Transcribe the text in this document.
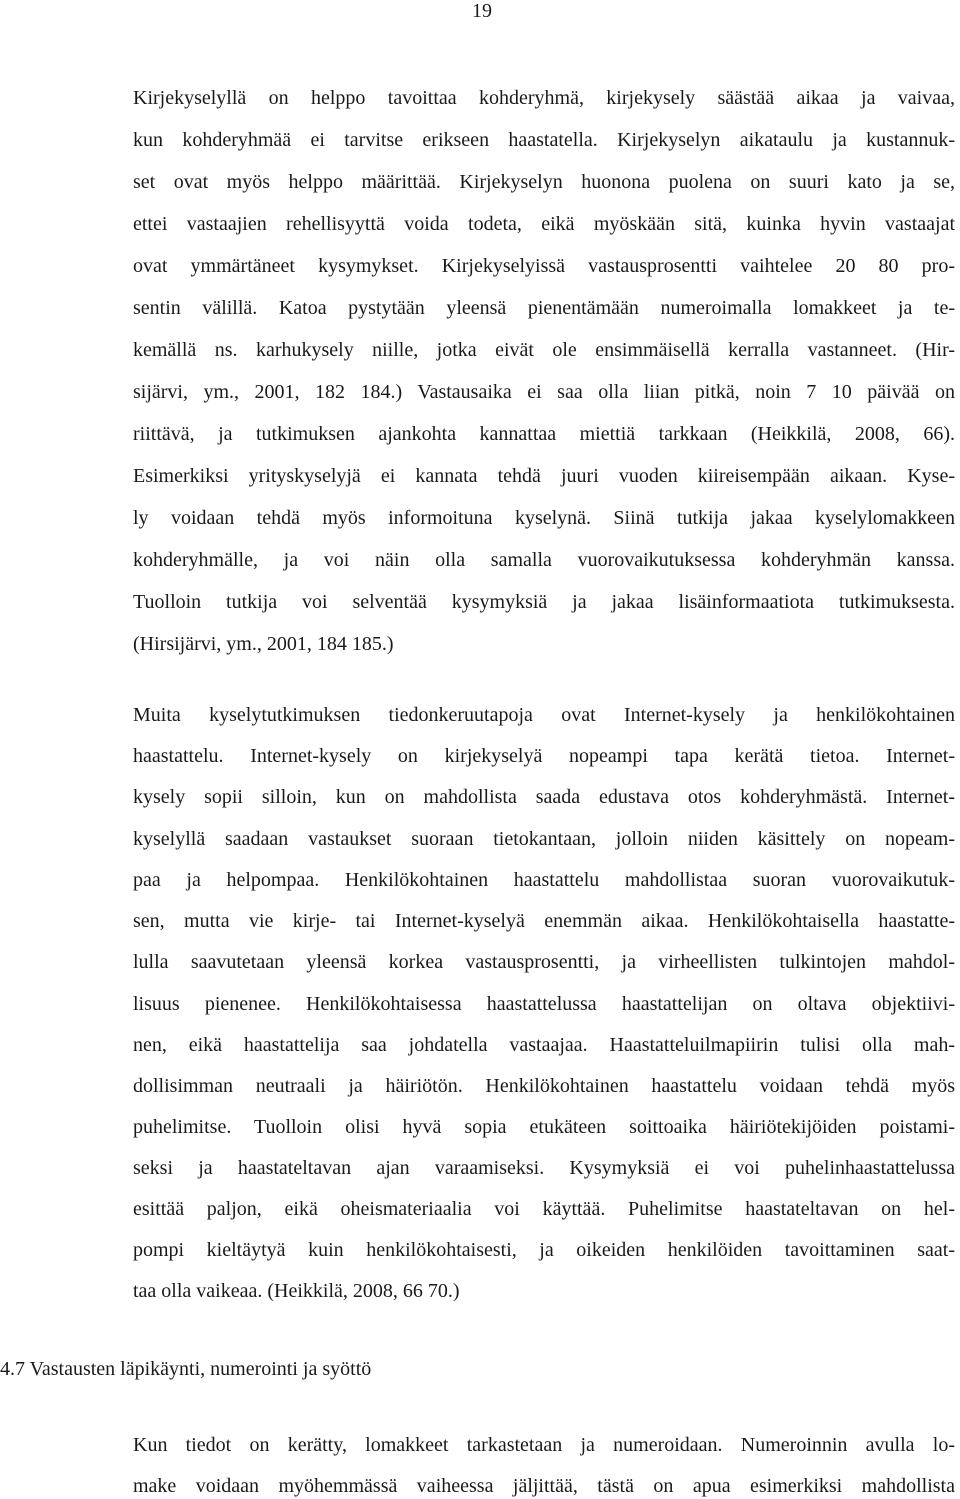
19
Kirjekyselyllä on helppo tavoittaa kohderyhmä, kirjekysely säästää aikaa ja vaivaa,
kun kohderyhmää ei tarvitse erikseen haastatella. Kirjekyselyn aikataulu ja kustannuk-
set ovat myös helppo määrittää. Kirjekyselyn huonona puolena on suuri kato ja se,
ettei vastaajien rehellisyyttä voida todeta, eikä myöskään sitä, kuinka hyvin vastaajat
ovat ymmärtäneet kysymykset. Kirjekyselyissä vastausprosentti vaihtelee 20 80 pro-
sentin välillä. Katoa pystytään yleensä pienentämään numeroimalla lomakkeet ja te-
kemällä ns. karhukysely niille, jotka eivät ole ensimmäisellä kerralla vastanneet. (Hir-
sijärvi, ym., 2001, 182 184.) Vastausaika ei saa olla liian pitkä, noin 7 10 päivää on
riittävä, ja tutkimuksen ajankohta kannattaa miettiä tarkkaan (Heikkilä, 2008, 66).
Esimerkiksi yrityskyselyjä ei kannata tehdä juuri vuoden kiireisempään aikaan. Kyse-
ly voidaan tehdä myös informoituna kyselynä. Siinä tutkija jakaa kyselylomakkeen
kohderyhmälle, ja voi näin olla samalla vuorovaikutuksessa kohderyhmän kanssa.
Tuolloin tutkija voi selventää kysymyksiä ja jakaa lisäinformaatiota tutkimuksesta.
(Hirsijärvi, ym., 2001, 184 185.)
Muita kyselytutkimuksen tiedonkeruutapoja ovat Internet-kysely ja henkilökohtainen
haastattelu. Internet-kysely on kirjekyselyä nopeampi tapa kerätä tietoa. Internet-
kysely sopii silloin, kun on mahdollista saada edustava otos kohderyhmästä. Internet-
kyselyllä saadaan vastaukset suoraan tietokantaan, jolloin niiden käsittely on nopeam-
paa ja helpompaa. Henkilökohtainen haastattelu mahdollistaa suoran vuorovaikutuk-
sen, mutta vie kirje- tai Internet-kyselyä enemmän aikaa. Henkilökohtaisella haastatte-
lulla saavutetaan yleensä korkea vastausprosentti, ja virheellisten tulkintojen mahdol-
lisuus pienenee. Henkilökohtaisessa haastattelussa haastattelijan on oltava objektiivi-
nen, eikä haastattelija saa johdatella vastaajaa. Haastatteluilmapiirin tulisi olla mah-
dollisimman neutraali ja häiriötön. Henkilökohtainen haastattelu voidaan tehdä myös
puhelimitse. Tuolloin olisi hyvä sopia etukäteen soittoaika häiriötekijöiden poistami-
seksi ja haastateltavan ajan varaamiseksi. Kysymyksiä ei voi puhelinhaastattelussa
esittää paljon, eikä oheismateriaalia voi käyttää. Puhelimitse haastateltavan on hel-
pompi kieltäytyä kuin henkilökohtaisesti, ja oikeiden henkilöiden tavoittaminen saat-
taa olla vaikeaa. (Heikkilä, 2008, 66 70.)
4.7 Vastausten läpikäynti, numerointi ja syöttö
Kun tiedot on kerätty, lomakkeet tarkastetaan ja numeroidaan. Numeroinnin avulla lo-
make voidaan myöhemmässä vaiheessa jäljittää, tästä on apua esimerkiksi mahdollista
